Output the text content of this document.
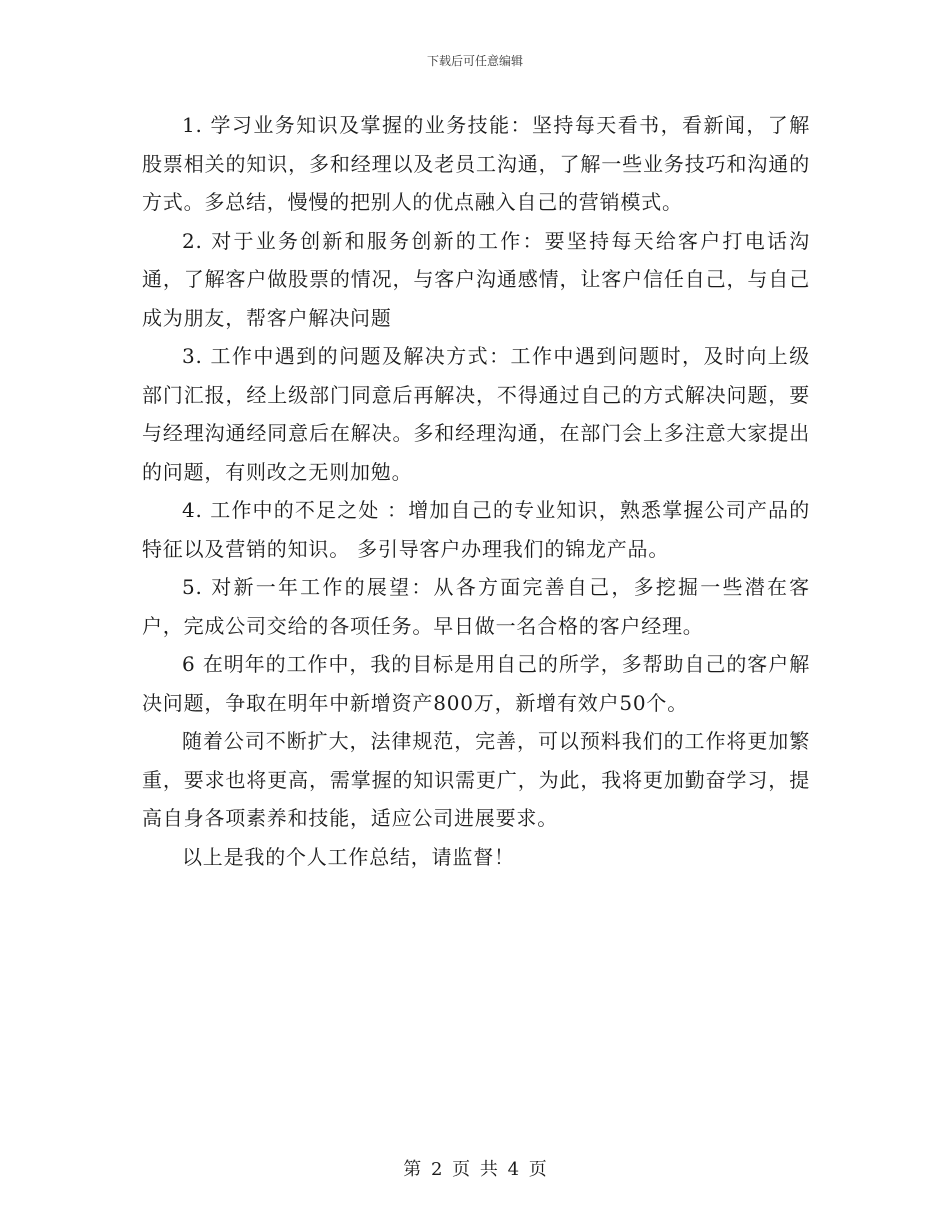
下载后可任意编辑

1. 学习业务知识及掌握的业务技能：坚持每天看书，看新闻，了解股票相关的知识，多和经理以及老员工沟通，了解一些业务技巧和沟通的方式。多总结，慢慢的把别人的优点融入自己的营销模式。

2. 对于业务创新和服务创新的工作：要坚持每天给客户打电话沟通，了解客户做股票的情况，与客户沟通感情，让客户信任自己，与自己成为朋友，帮客户解决问题

3. 工作中遇到的问题及解决方式：工作中遇到问题时，及时向上级部门汇报，经上级部门同意后再解决，不得通过自己的方式解决问题，要与经理沟通经同意后在解决。多和经理沟通，在部门会上多注意大家提出的问题，有则改之无则加勉。

4. 工作中的不足之处 ：增加自己的专业知识，熟悉掌握公司产品的特征以及营销的知识。 多引导客户办理我们的锦龙产品。

5. 对新一年工作的展望：从各方面完善自己，多挖掘一些潜在客户，完成公司交给的各项任务。早日做一名合格的客户经理。

6 在明年的工作中，我的目标是用自己的所学，多帮助自己的客户解决问题，争取在明年中新增资产800万，新增有效户50个。

随着公司不断扩大，法律规范，完善，可以预料我们的工作将更加繁重，要求也将更高，需掌握的知识需更广，为此，我将更加勤奋学习，提高自身各项素养和技能，适应公司进展要求。

以上是我的个人工作总结，请监督！

第 2 页 共 4 页
